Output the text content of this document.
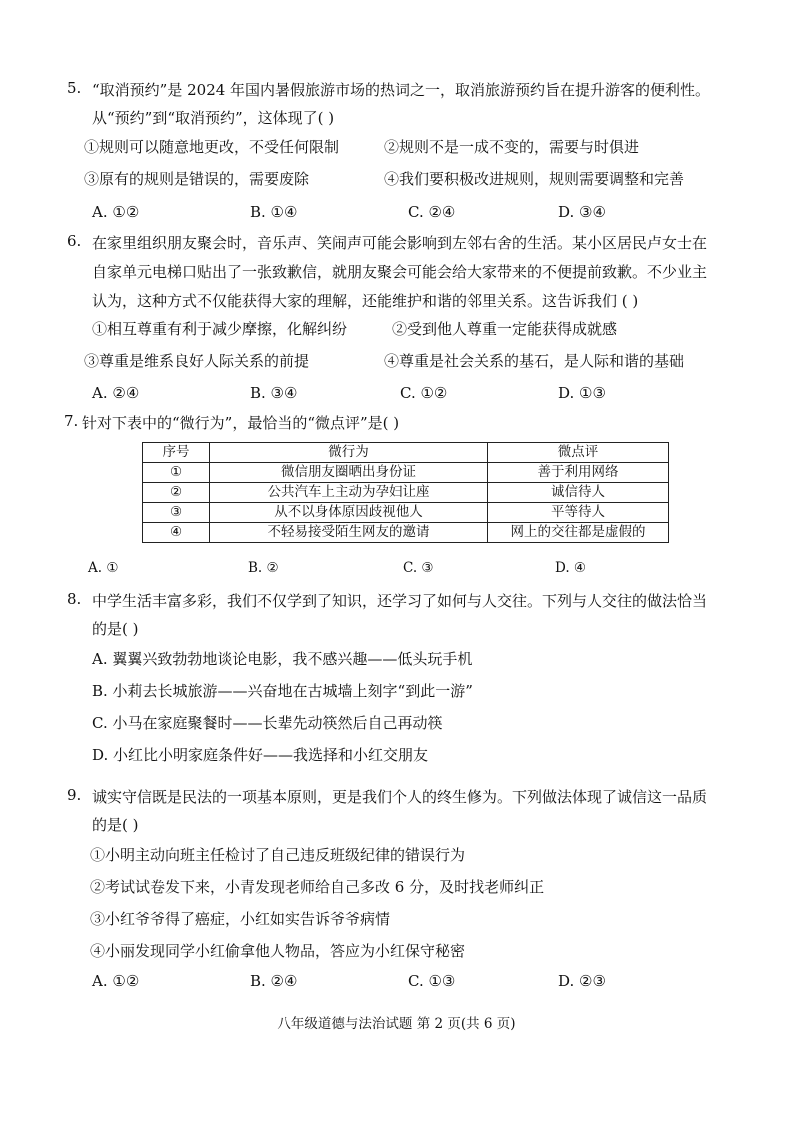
5. “取消预约”是 2024 年国内暑假旅游市场的热词之一，取消旅游预约旨在提升游客的便利性。
从“预约”到“取消预约”，这体现了( )
①规则可以随意地更改，不受任何限制	②规则不是一成不变的，需要与时俱进
③原有的规则是错误的，需要废除	④我们要积极改进规则，规则需要调整和完善
A. ①②	B. ①④	C. ②④	D. ③④
6. 在家里组织朋友聚会时，音乐声、笑闹声可能会影响到左邻右舍的生活。某小区居民卢女士在
自家单元电梯口贴出了一张致歉信，就朋友聚会可能会给大家带来的不便提前致歉。不少业主
认为，这种方式不仅能获得大家的理解，还能维护和谐的邻里关系。这告诉我们 ( )
①相互尊重有利于减少摩擦，化解纠纷	②受到他人尊重一定能获得成就感
③尊重是维系良好人际关系的前提	④尊重是社会关系的基石，是人际和谐的基础
A. ②④	B. ③④	C. ①②	D. ①③
7. 针对下表中的“微行为”，最恰当的“微点评”是( )
序号	微行为	微点评
①	微信朋友圈晒出身份证	善于利用网络
②	公共汽车上主动为孕妇让座	诚信待人
③	从不以身体原因歧视他人	平等待人
④	不轻易接受陌生网友的邀请	网上的交往都是虚假的
A. ①	B. ②	C. ③	D. ④
8. 中学生活丰富多彩，我们不仅学到了知识，还学习了如何与人交往。下列与人交往的做法恰当
的是( )
A. 翼翼兴致勃勃地谈论电影，我不感兴趣——低头玩手机
B. 小莉去长城旅游——兴奋地在古城墙上刻字“到此一游”
C. 小马在家庭聚餐时——长辈先动筷然后自己再动筷
D. 小红比小明家庭条件好——我选择和小红交朋友
9. 诚实守信既是民法的一项基本原则，更是我们个人的终生修为。下列做法体现了诚信这一品质
的是( )
①小明主动向班主任检讨了自己违反班级纪律的错误行为
②考试试卷发下来，小青发现老师给自己多改 6 分，及时找老师纠正
③小红爷爷得了癌症，小红如实告诉爷爷病情
④小丽发现同学小红偷拿他人物品，答应为小红保守秘密
A. ①②	B. ②④	C. ①③	D. ②③
八年级道德与法治试题 第 2 页(共 6 页)
